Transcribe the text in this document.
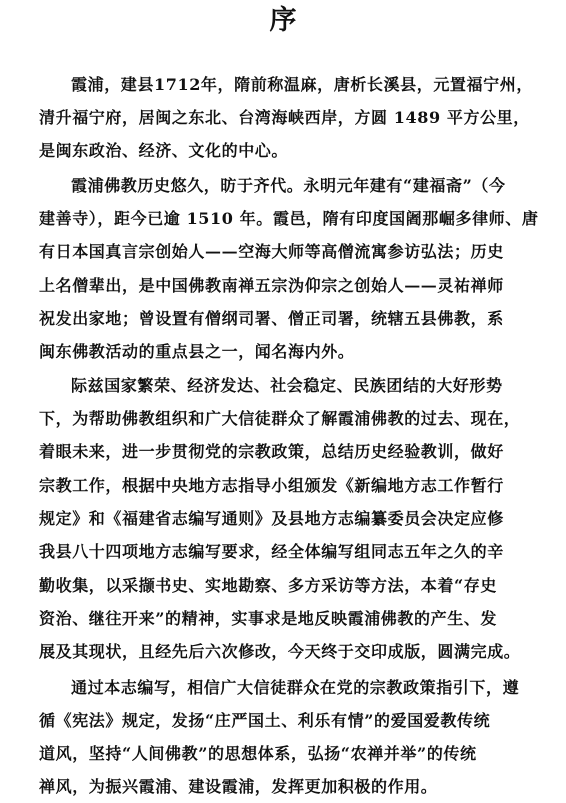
序
霞浦，建县1712年，隋前称温麻，唐析长溪县，元置福宁州，
清升福宁府，居闽之东北、台湾海峡西岸，方圆 1489 平方公里，
是闽东政治、经济、文化的中心。
霞浦佛教历史悠久，昉于齐代。永明元年建有“建福斋”（今
建善寺），距今已逾 1510 年。霞邑，隋有印度国阇那崛多律师、唐
有日本国真言宗创始人——空海大师等高僧流寓参访弘法；历史
上名僧辈出，是中国佛教南禅五宗沩仰宗之创始人——灵祐禅师
祝发出家地；曾设置有僧纲司署、僧正司署，统辖五县佛教，系
闽东佛教活动的重点县之一，闻名海内外。
际兹国家繁荣、经济发达、社会稳定、民族团结的大好形势
下，为帮助佛教组织和广大信徒群众了解霞浦佛教的过去、现在，
着眼未来，进一步贯彻党的宗教政策，总结历史经验教训，做好
宗教工作，根据中央地方志指导小组颁发《新编地方志工作暂行
规定》和《福建省志编写通则》及县地方志编纂委员会决定应修
我县八十四项地方志编写要求，经全体编写组同志五年之久的辛
勤收集，以采撷书史、实地勘察、多方采访等方法，本着“存史
资治、继往开来”的精神，实事求是地反映霞浦佛教的产生、发
展及其现状，且经先后六次修改，今天终于交印成版，圆满完成。
通过本志编写，相信广大信徒群众在党的宗教政策指引下，遵
循《宪法》规定，发扬“庄严国土、利乐有情”的爱国爱教传统
道风，坚持“人间佛教”的思想体系，弘扬“农禅并举”的传统
禅风，为振兴霞浦、建设霞浦，发挥更加积极的作用。
